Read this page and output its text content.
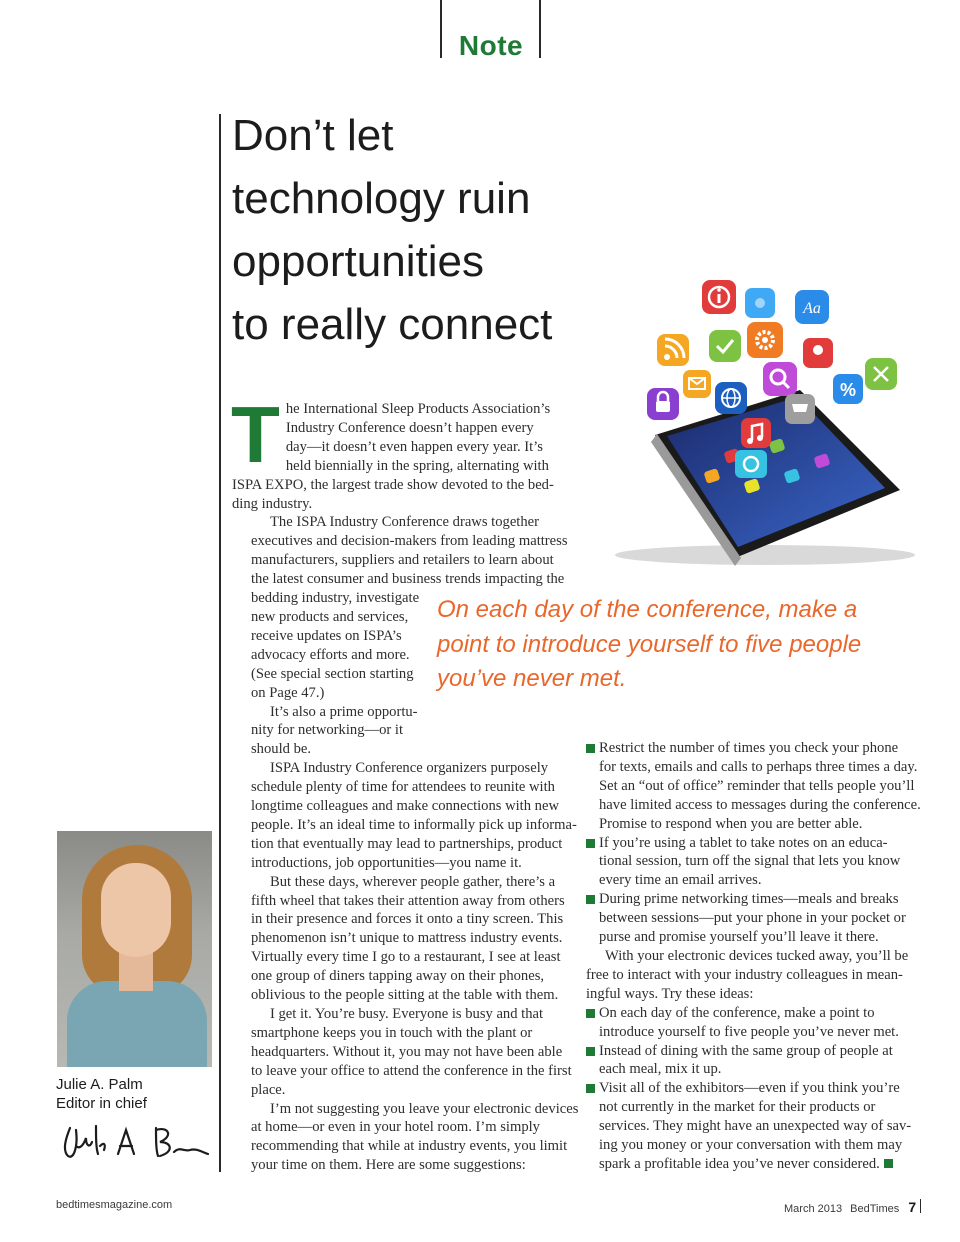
Note
Don’t let
technology ruin
opportunities
to really connect	Aa
%

T he International Sleep Products Association’s
Industry Conference doesn’t happen every
day—it doesn’t even happen every year. It’s
held biennially in the spring, alternating with
ISPA EXPO, the largest trade show devoted to the bed-
ding industry.

The ISPA Industry Conference draws together
executives and decision-makers from leading mattress
manufacturers, suppliers and retailers to learn about
the latest consumer and business trends impacting the
bedding industry, investigate
new products and services,
receive updates on ISPA’s
advocacy efforts and more.
(See special section starting
on Page 47.)

It’s also a prime opportu-
nity for networking—or it
should be.

ISPA Industry Conference organizers purposely
schedule plenty of time for attendees to reunite with
longtime colleagues and make connections with new
people. It’s an ideal time to informally pick up informa-
tion that eventually may lead to partnerships, product
introductions, job opportunities—you name it.

But these days, wherever people gather, there’s a
fifth wheel that takes their attention away from others
in their presence and forces it onto a tiny screen. This
phenomenon isn’t unique to mattress industry events.
Virtually every time I go to a restaurant, I see at least
one group of diners tapping away on their phones,
oblivious to the people sitting at the table with them.

I get it. You’re busy. Everyone is busy and that
smartphone keeps you in touch with the plant or
headquarters. Without it, you may not have been able
to leave your office to attend the conference in the first
place.

I’m not suggesting you leave your electronic devices
at home—or even in your hotel room. I’m simply
recommending that while at industry events, you limit
your time on them. Here are some suggestions:

On each day of the conference, make a
point to introduce yourself to five people
you’ve never met.
Restrict the number of times you check your phone
for texts, emails and calls to perhaps three times a day.
Set an “out of office” reminder that tells people you’ll
have limited access to messages during the conference.
Promise to respond when you are better able.
If you’re using a tablet to take notes on an educa-
tional session, turn off the signal that lets you know
every time an email arrives.
During prime networking times—meals and breaks
between sessions—put your phone in your pocket or
purse and promise yourself you’ll leave it there.

With your electronic devices tucked away, you’ll be
free to interact with your industry colleagues in mean-
ingful ways. Try these ideas:

On each day of the conference, make a point to
introduce yourself to five people you’ve never met.
Instead of dining with the same group of people at
each meal, mix it up.
Visit all of the exhibitors—even if you think you’re
not currently in the market for their products or
services. They might have an unexpected way of sav-
ing you money or your conversation with them may
spark a profitable idea you’ve never considered.
Julie A. Palm
Editor in chief
bedtimesmagazine.com	March 2013 BedTimes 7
